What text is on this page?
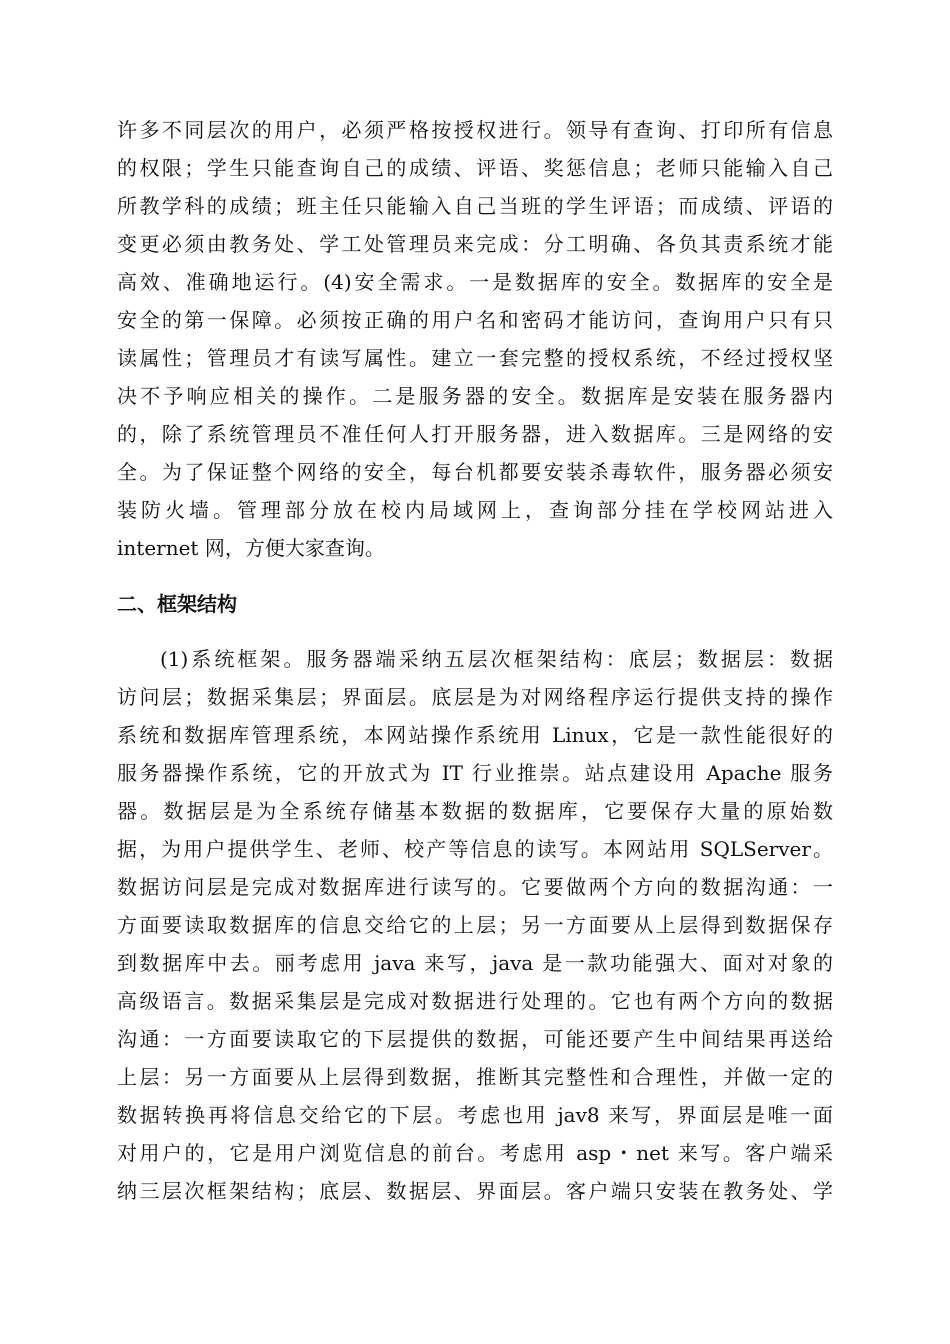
许多不同层次的用户，必须严格按授权进行。领导有查询、打印所有信息
的权限；学生只能查询自己的成绩、评语、奖惩信息；老师只能输入自己
所教学科的成绩；班主任只能输入自己当班的学生评语；而成绩、评语的
变更必须由教务处、学工处管理员来完成：分工明确、各负其责系统才能
高效、准确地运行。(4)安全需求。一是数据库的安全。数据库的安全是
安全的第一保障。必须按正确的用户名和密码才能访问，查询用户只有只
读属性；管理员才有读写属性。建立一套完整的授权系统，不经过授权坚
决不予响应相关的操作。二是服务器的安全。数据库是安装在服务器内
的，除了系统管理员不准任何人打开服务器，进入数据库。三是网络的安
全。为了保证整个网络的安全，每台机都要安装杀毒软件，服务器必须安
装防火墙。管理部分放在校内局域网上，查询部分挂在学校网站进入
internet 网，方便大家查询。
二、框架结构
(1)系统框架。服务器端采纳五层次框架结构：底层；数据层：数据
访问层；数据采集层；界面层。底层是为对网络程序运行提供支持的操作
系统和数据库管理系统，本网站操作系统用 Linux，它是一款性能很好的
服务器操作系统，它的开放式为 IT 行业推崇。站点建设用 Apache 服务
器。数据层是为全系统存储基本数据的数据库，它要保存大量的原始数
据，为用户提供学生、老师、校产等信息的读写。本网站用 SQLServer。
数据访问层是完成对数据库进行读写的。它要做两个方向的数据沟通：一
方面要读取数据库的信息交给它的上层；另一方面要从上层得到数据保存
到数据库中去。丽考虑用 java 来写，java 是一款功能强大、面对对象的
高级语言。数据采集层是完成对数据进行处理的。它也有两个方向的数据
沟通：一方面要读取它的下层提供的数据，可能还要产生中间结果再送给
上层：另一方面要从上层得到数据，推断其完整性和合理性，并做一定的
数据转换再将信息交给它的下层。考虑也用 jav8 来写，界面层是唯一面
对用户的，它是用户浏览信息的前台。考虑用 asp・net 来写。客户端采
纳三层次框架结构；底层、数据层、界面层。客户端只安装在教务处、学
